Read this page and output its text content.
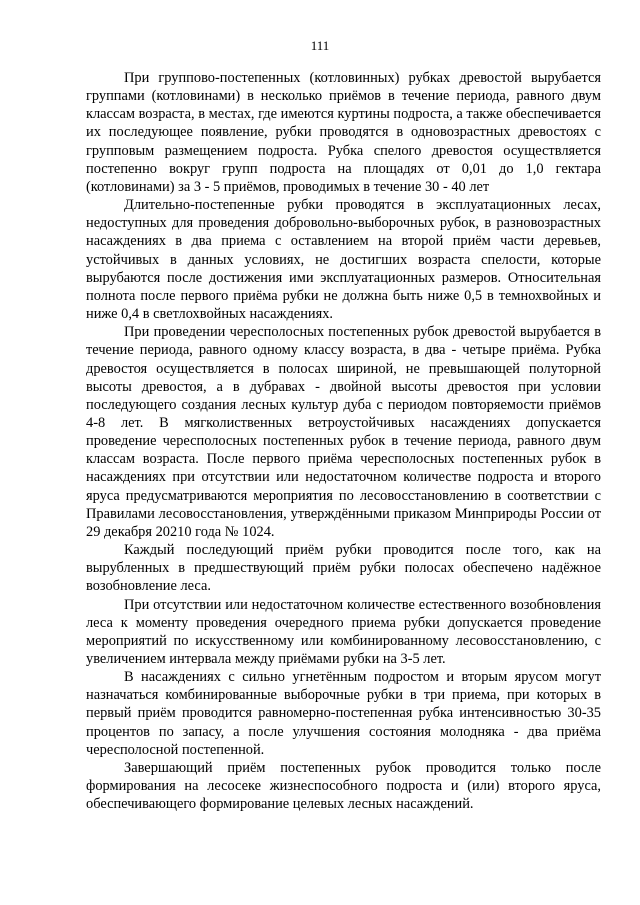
111

При группово-постепенных (котловинных) рубках древостой вырубается группами (котловинами) в несколько приёмов в течение периода, равного двум классам возраста, в местах, где имеются куртины подроста, а также обеспечивается их последующее появление, рубки проводятся в одновозрастных древостоях с групповым размещением подроста. Рубка спелого древостоя осуществляется постепенно вокруг групп подроста на площадях от 0,01 до 1,0 гектара (котловинами) за 3 - 5 приёмов, проводимых в течение 30 - 40 лет

Длительно-постепенные рубки проводятся в эксплуатационных лесах, недоступных для проведения добровольно-выборочных рубок, в разновозрастных насаждениях в два приема с оставлением на второй приём части деревьев, устойчивых в данных условиях, не достигших возраста спелости, которые вырубаются после достижения ими эксплуатационных размеров. Относительная полнота после первого приёма рубки не должна быть ниже 0,5 в темнохвойных и ниже 0,4 в светлохвойных насаждениях.

При проведении чересполосных постепенных рубок древостой вырубается в течение периода, равного одному классу возраста, в два - четыре приёма. Рубка древостоя осуществляется в полосах шириной, не превышающей полуторной высоты древостоя, а в дубравах - двойной высоты древостоя при условии последующего создания лесных культур дуба с периодом повторяемости приёмов 4-8 лет. В мягколиственных ветроустойчивых насаждениях допускается проведение чересполосных постепенных рубок в течение периода, равного двум классам возраста. После первого приёма чересполосных постепенных рубок в насаждениях при отсутствии или недостаточном количестве подроста и второго яруса предусматриваются мероприятия по лесовосстановлению в соответствии с Правилами лесовосстановления, утверждёнными приказом Минприроды России от 29 декабря 20210 года № 1024.

Каждый последующий приём рубки проводится после того, как на вырубленных в предшествующий приём рубки полосах обеспечено надёжное возобновление леса.

При отсутствии или недостаточном количестве естественного возобновления леса к моменту проведения очередного приема рубки допускается проведение мероприятий по искусственному или комбинированному лесовосстановлению, с увеличением интервала между приёмами рубки на 3-5 лет.

В насаждениях с сильно угнетённым подростом и вторым ярусом могут назначаться комбинированные выборочные рубки в три приема, при которых в первый приём проводится равномерно-постепенная рубка интенсивностью 30-35 процентов по запасу, а после улучшения состояния молодняка - два приёма чересполосной постепенной.

Завершающий приём постепенных рубок проводится только после формирования на лесосеке жизнеспособного подроста и (или) второго яруса, обеспечивающего формирование целевых лесных насаждений.
